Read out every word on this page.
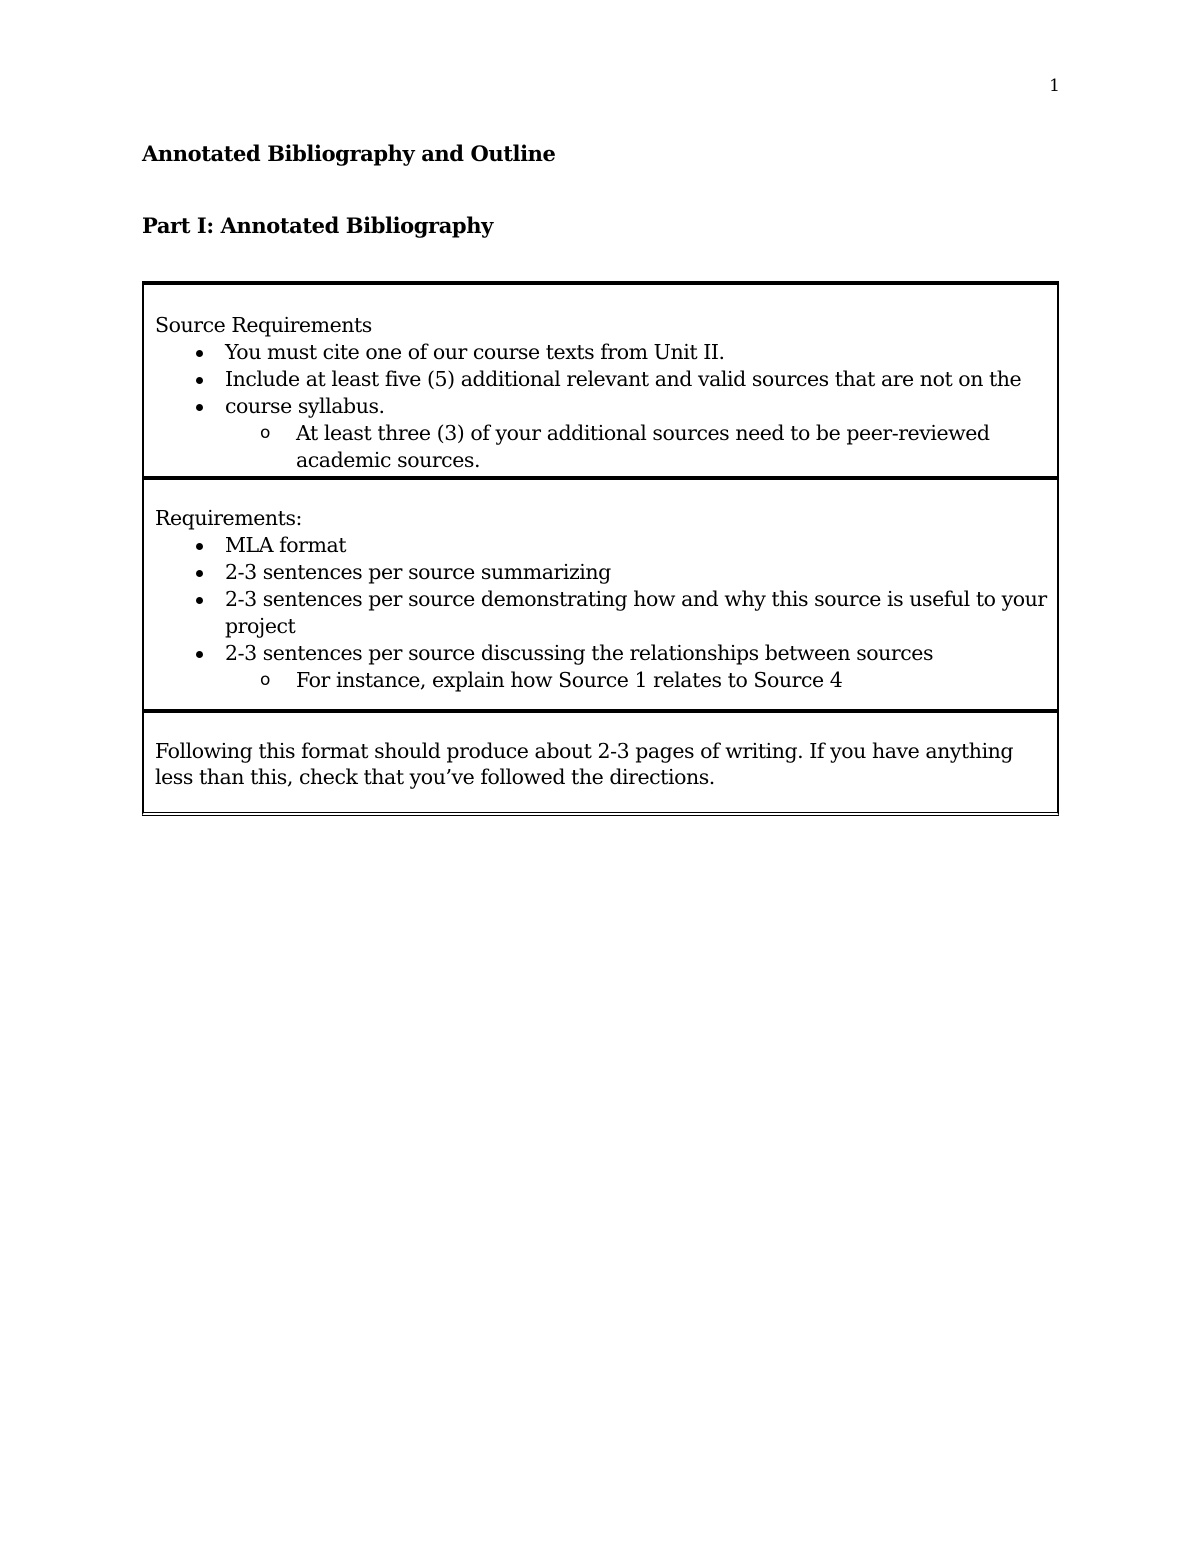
1
Annotated Bibliography and Outline
Part I: Annotated Bibliography
Source Requirements
You must cite one of our course texts from Unit II.
Include at least five (5) additional relevant and valid sources that are not on the
course syllabus.
o At least three (3) of your additional sources need to be peer-reviewed academic sources.
Requirements:
MLA format
2-3 sentences per source summarizing
2-3 sentences per source demonstrating how and why this source is useful to your project
2-3 sentences per source discussing the relationships between sources
o For instance, explain how Source 1 relates to Source 4
Following this format should produce about 2-3 pages of writing. If you have anything less than this, check that you’ve followed the directions.
